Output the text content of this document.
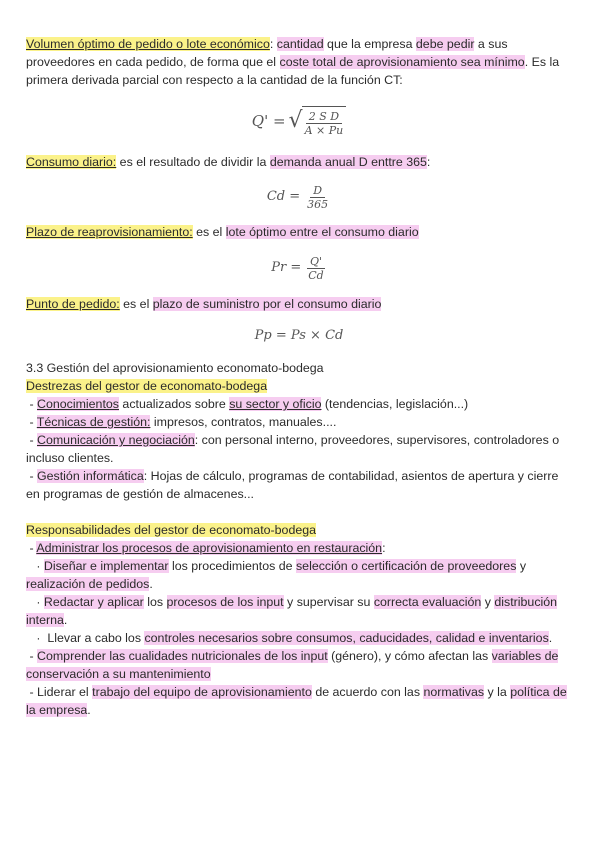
Volumen óptimo de pedido o lote económico: cantidad que la empresa debe pedir a sus proveedores en cada pedido, de forma que el coste total de aprovisionamiento sea mínimo. Es la primera derivada parcial con respecto a la cantidad de la función CT:

Q' = √ $\frac{\text{2 S D}}{A \times Pu}$

Consumo diario: es el resultado de dividir la demanda anual D enttre 365:

$Cd = \frac{D}{365}$

Plazo de reaprovisionamiento: es el lote óptimo entre el consumo diario

$Pr = \frac{Q'}{Cd}$

Punto de pedido: es el plazo de suministro por el consumo diario

Pp = Ps × Cd

3.3 Gestión del aprovisionamiento economato-bodega

Destrezas del gestor de economato-bodega

- Conocimientos actualizados sobre su sector y oficio (tendencias, legislación...)

- Técnicas de gestión: impresos, contratos, manuales....

- Comunicación y negociación: con personal interno, proveedores, supervisores, controladores o incluso clientes.

- Gestión informática: Hojas de cálculo, programas de contabilidad, asientos de apertura y cierre en programas de gestión de almacenes...

Responsabilidades del gestor de economato-bodega

- Administrar los procesos de aprovisionamiento en restauración:

· Diseñar e implementar los procedimientos de selección o certificación de proveedores y realización de pedidos.

· Redactar y aplicar los procesos de los input y supervisar su correcta evaluación y distribución interna.

·  Llevar a cabo los controles necesarios sobre consumos, caducidades, calidad e inventarios.

- Comprender las cualidades nutricionales de los input (género), y cómo afectan las variables de conservación a su mantenimiento

- Liderar el trabajo del equipo de aprovisionamiento de acuerdo con las normativas y la política de la empresa.
